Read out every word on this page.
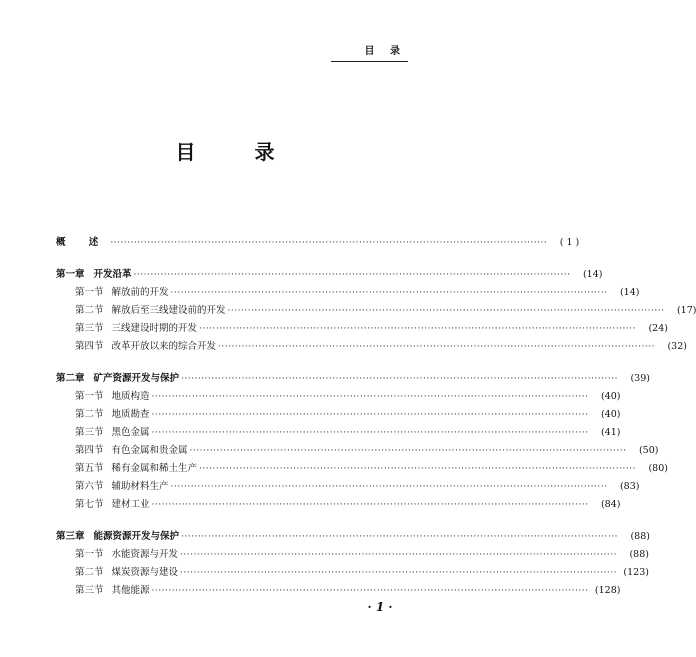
目 录
目 录
概 述 ··································································································································	( 1 )
第一章 开发沿革 ··································································································································	(14)
第一节 解放前的开发 ··································································································································	(14)
第二节 解放后至三线建设前的开发 ··································································································································	(17)
第三节 三线建设时期的开发 ··································································································································	(24)
第四节 改革开放以来的综合开发 ··································································································································	(32)
第二章 矿产资源开发与保护 ··································································································································	(39)
第一节 地质构造 ··································································································································	(40)
第二节 地质勘查 ··································································································································	(40)
第三节 黑色金属 ··································································································································	(41)
第四节 有色金属和贵金属 ··································································································································	(50)
第五节 稀有金属和稀土生产 ··································································································································	(80)
第六节 辅助材料生产 ··································································································································	(83)
第七节 建材工业 ··································································································································	(84)
第三章 能源资源开发与保护 ··································································································································	(88)
第一节 水能资源与开发 ··································································································································	(88)
第二节 煤炭资源与建设 ·································································································································· (123)
第三节 其他能源 ·································································································································· (128)
· 1 ·
